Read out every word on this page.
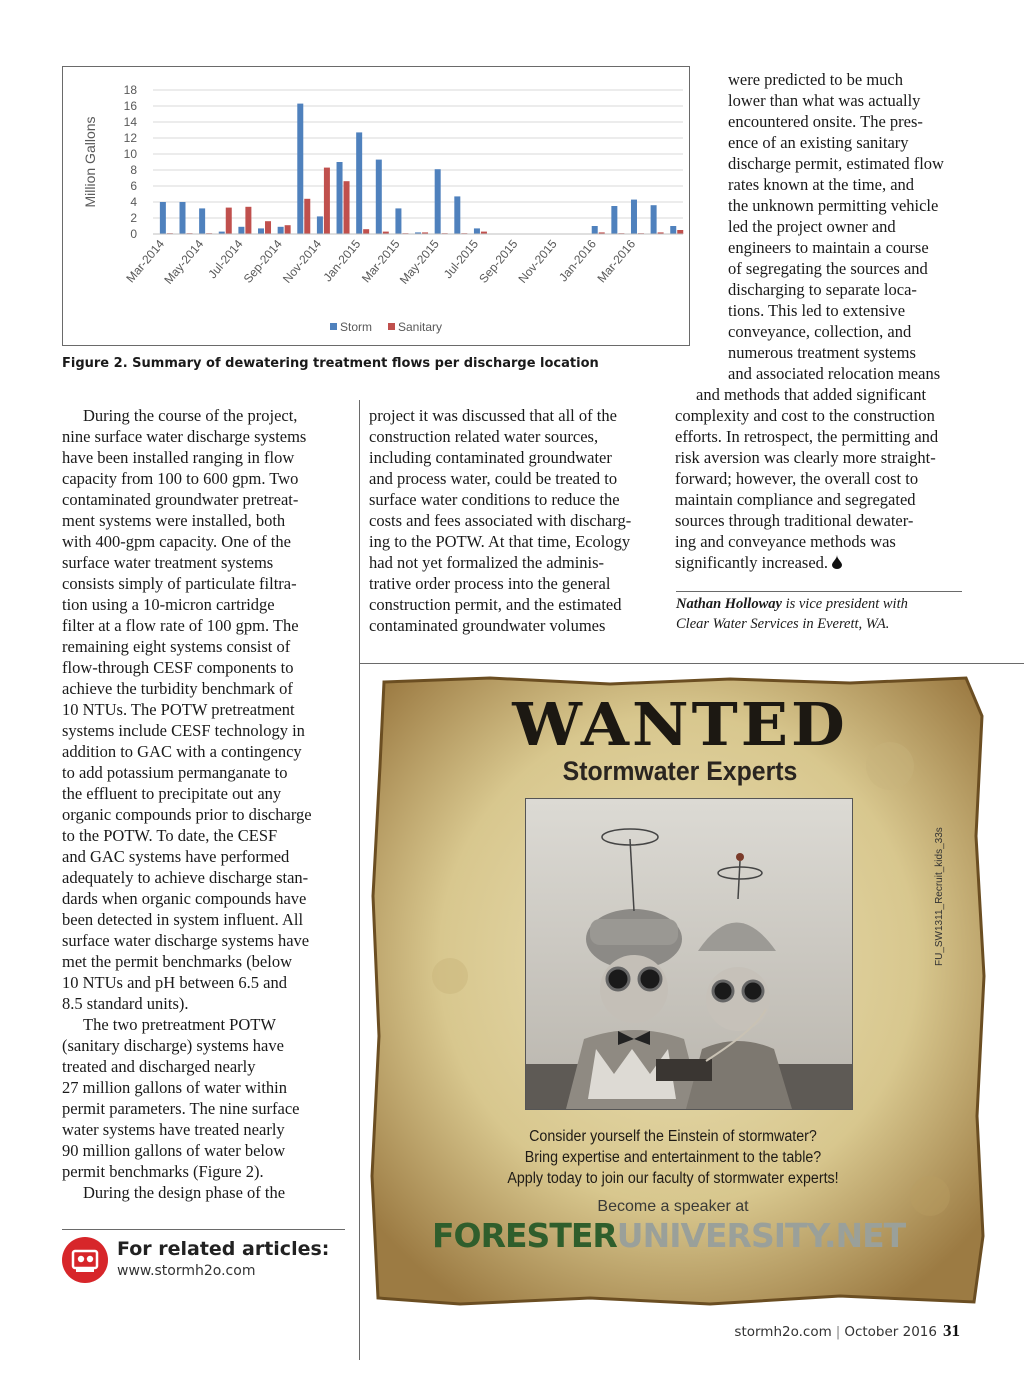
0
2
4
6
8
10
12
14
16
18
Million Gallons
Mar-2014
May-2014
Jul-2014
Sep-2014
Nov-2014
Jan-2015
Mar-2015
May-2015
Jul-2015
Sep-2015
Nov-2015
Jan-2016
Mar-2016
Storm Sanitary
Figure 2. Summary of dewatering treatment flows per discharge location
were predicted to be much
lower than what was actually
encountered onsite. The pres-
ence of an existing sanitary
discharge permit, estimated flow
rates known at the time, and
the unknown permitting vehicle
led the project owner and
engineers to maintain a course
of segregating the sources and
discharging to separate loca-
tions. This led to extensive
conveyance, collection, and
numerous treatment systems
and associated relocation means
and methods that added significant
complexity and cost to the construction
efforts. In retrospect, the permitting and
risk aversion was clearly more straight-
forward; however, the overall cost to
maintain compliance and segregated
sources through traditional dewater-
ing and conveyance methods was
significantly increased.
During the course of the project,
nine surface water discharge systems
have been installed ranging in flow
capacity from 100 to 600 gpm. Two
contaminated groundwater pretreat-
ment systems were installed, both
with 400-gpm capacity. One of the
surface water treatment systems
consists simply of particulate filtra-
tion using a 10-micron cartridge
filter at a flow rate of 100 gpm. The
remaining eight systems consist of
flow-through CESF components to
achieve the turbidity benchmark of
10 NTUs. The POTW pretreatment
systems include CESF technology in
addition to GAC with a contingency
to add potassium permanganate to
the effluent to precipitate out any
organic compounds prior to discharge
to the POTW. To date, the CESF
and GAC systems have performed
adequately to achieve discharge stan-
dards when organic compounds have
been detected in system influent. All
surface water discharge systems have
met the permit benchmarks (below
10 NTUs and pH between 6.5 and
8.5 standard units).
The two pretreatment POTW
(sanitary discharge) systems have
treated and discharged nearly
27 million gallons of water within
permit parameters. The nine surface
water systems have treated nearly
90 million gallons of water below
permit benchmarks (Figure 2).
During the design phase of the
project it was discussed that all of the
construction related water sources,
including contaminated groundwater
and process water, could be treated to
surface water conditions to reduce the
costs and fees associated with discharg-
ing to the POTW. At that time, Ecology
had not yet formalized the adminis-
trative order process into the general
construction permit, and the estimated
contaminated groundwater volumes
Nathan Holloway is vice president with
Clear Water Services in Everett, WA.
For related articles:
www.stormh2o.com
WANTED
Stormwater Experts
FU_SW1311_Recruit_kids_33s
Consider yourself the Einstein of stormwater?
Bring expertise and entertainment to the table?
Apply today to join our faculty of stormwater experts!
Become a speaker at
FORESTERUNIVERSITY.NET
stormh2o.com | October 2016 31
